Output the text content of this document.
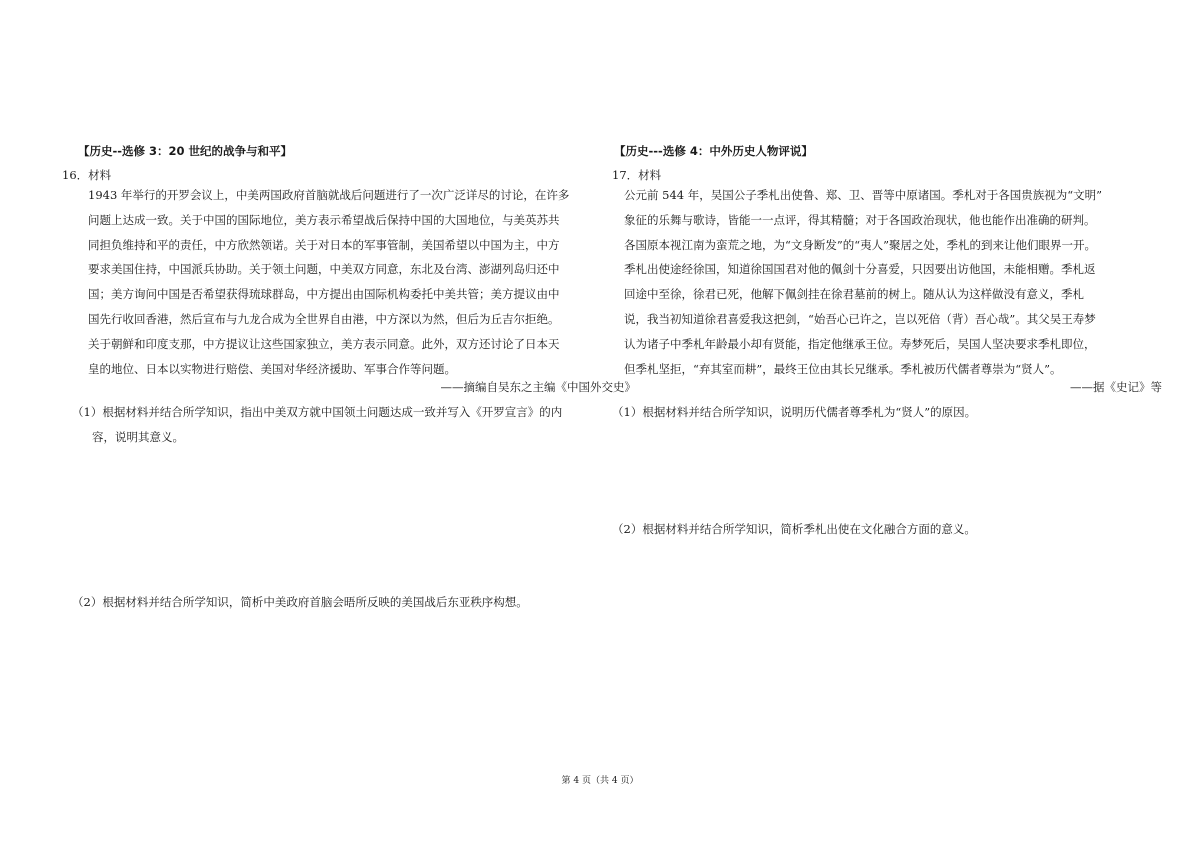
【历史--选修 3：20 世纪的战争与和平】
16．材料
1943 年举行的开罗会议上，中美两国政府首脑就战后问题进行了一次广泛详尽的讨论，在许多
问题上达成一致。关于中国的国际地位，美方表示希望战后保持中国的大国地位，与美英苏共
同担负维持和平的责任，中方欣然领诺。关于对日本的军事管制，美国希望以中国为主，中方
要求美国住持，中国派兵协助。关于领土问题，中美双方同意，东北及台湾、澎湖列岛归还中
国；美方询问中国是否希望获得琉球群岛，中方提出由国际机构委托中美共管；美方提议由中
国先行收回香港，然后宣布与九龙合成为全世界自由港，中方深以为然，但后为丘吉尔拒绝。
关于朝鲜和印度支那，中方提议让这些国家独立，美方表示同意。此外，双方还讨论了日本天
皇的地位、日本以实物进行赔偿、美国对华经济援助、军事合作等问题。
——摘编自吴东之主编《中国外交史》
（1）根据材料并结合所学知识，指出中美双方就中国领土问题达成一致并写入《开罗宣言》的内
容，说明其意义。
（2）根据材料并结合所学知识，简析中美政府首脑会晤所反映的美国战后东亚秩序构想。
【历史---选修 4：中外历史人物评说】
17．材料
公元前 544 年，吴国公子季札出使鲁、郑、卫、晋等中原诸国。季札对于各国贵族视为“文明”
象征的乐舞与歌诗，皆能一一点评，得其精髓；对于各国政治现状，他也能作出准确的研判。
各国原本视江南为蛮荒之地，为“文身断发”的“夷人”聚居之处，季札的到来让他们眼界一开。
季札出使途经徐国，知道徐国国君对他的佩剑十分喜爱，只因要出访他国，未能相赠。季札返
回途中至徐，徐君已死，他解下佩剑挂在徐君墓前的树上。随从认为这样做没有意义，季札
说，我当初知道徐君喜爱我这把剑，“始吾心已许之，岂以死倍（背）吾心哉”。其父吴王寿梦
认为诸子中季札年龄最小却有贤能，指定他继承王位。寿梦死后，吴国人坚决要求季札即位，
但季札坚拒，“弃其室而耕”，最终王位由其长兄继承。季札被历代儒者尊崇为“贤人”。
——据《史记》等
（1）根据材料并结合所学知识，说明历代儒者尊季札为“贤人”的原因。
（2）根据材料并结合所学知识，简析季札出使在文化融合方面的意义。
第 4 页（共 4 页）
